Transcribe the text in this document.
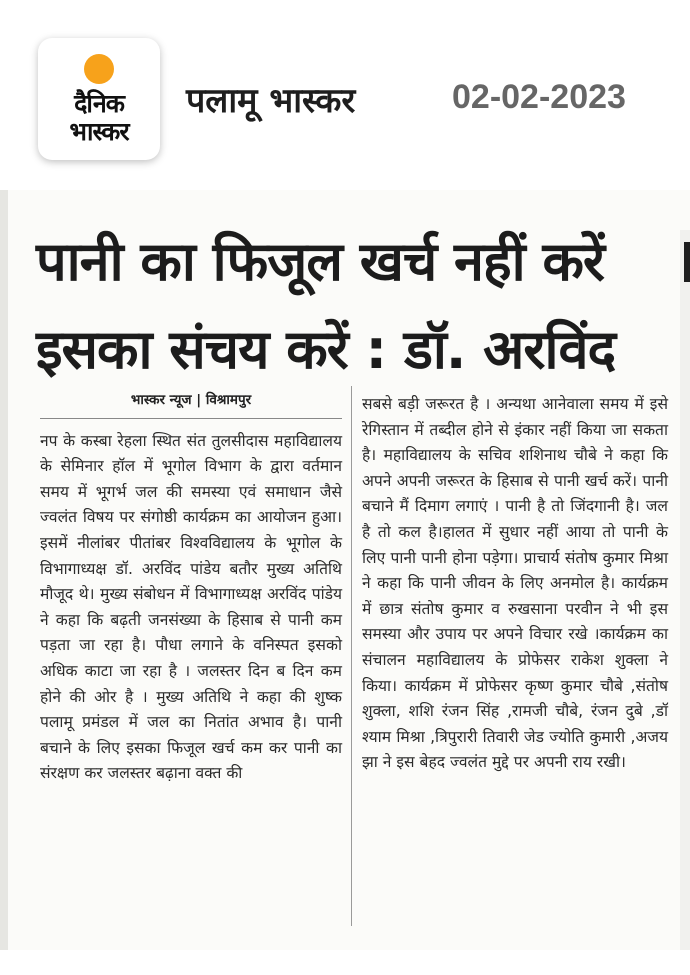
दैनिक
भास्कर
पलामू भास्कर	02-02-2023
पानी का फिजूल खर्च नहीं करें
इसका संचय करें : डॉ. अरविंद
भास्कर न्यूज | विश्रामपुर
नप के कस्बा रेहला स्थित संत तुलसीदास महाविद्यालय के सेमिनार हॉल में भूगोल विभाग के द्वारा वर्तमान समय में भूगर्भ जल की समस्या एवं समाधान जैसे ज्वलंत विषय पर संगोष्ठी कार्यक्रम का आयोजन हुआ।इसमें नीलांबर पीतांबर विश्वविद्यालय के भूगोल के विभागाध्यक्ष डॉ. अरविंद पांडेय बतौर मुख्य अतिथि मौजूद थे। मुख्य संबोधन में विभागाध्यक्ष अरविंद पांडेय ने कहा कि बढ़ती जनसंख्या के हिसाब से पानी कम पड़ता जा रहा है। पौधा लगाने के वनिस्पत इसको अधिक काटा जा रहा है । जलस्तर दिन ब दिन कम होने की ओर है । मुख्य अतिथि ने कहा की शुष्क पलामू प्रमंडल में जल का नितांत अभाव है। पानी बचाने के लिए इसका फिजूल खर्च कम कर पानी का संरक्षण कर जलस्तर बढ़ाना वक्त की
सबसे बड़ी जरूरत है । अन्यथा आनेवाला समय में इसे रेगिस्तान में तब्दील होने से इंकार नहीं किया जा सकता है। महाविद्यालय के सचिव शशिनाथ चौबे ने कहा कि अपने अपनी जरूरत के हिसाब से पानी खर्च करें। पानी बचाने मैं दिमाग लगाएं । पानी है तो जिंदगानी है। जल है तो कल है।हालत में सुधार नहीं आया तो पानी के लिए पानी पानी होना पड़ेगा। प्राचार्य संतोष कुमार मिश्रा ने कहा कि पानी जीवन के लिए अनमोल है। कार्यक्रम में छात्र संतोष कुमार व रुखसाना परवीन ने भी इस समस्या और उपाय पर अपने विचार रखे ।कार्यक्रम का संचालन महाविद्यालय के प्रोफेसर राकेश शुक्ला ने किया। कार्यक्रम में प्रोफेसर कृष्ण कुमार चौबे ,संतोष शुक्ला, शशि रंजन सिंह ,रामजी चौबे, रंजन दुबे ,डॉ श्याम मिश्रा ,त्रिपुरारी तिवारी जेड ज्योति कुमारी ,अजय झा ने इस बेहद ज्वलंत मुद्दे पर अपनी राय रखी।
